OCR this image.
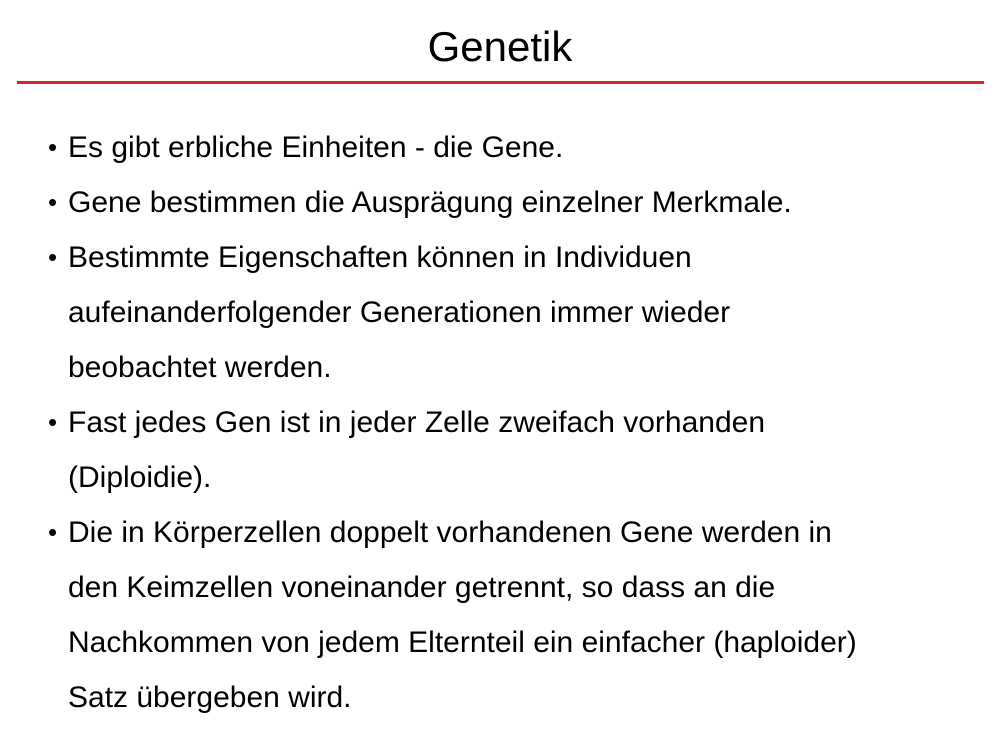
Genetik
• Es gibt erbliche Einheiten - die Gene.
• Gene bestimmen die Ausprägung einzelner Merkmale.
• Bestimmte Eigenschaften können in Individuen
aufeinanderfolgender Generationen immer wieder
beobachtet werden.
• Fast jedes Gen ist in jeder Zelle zweifach vorhanden
(Diploidie).
• Die in Körperzellen doppelt vorhandenen Gene werden in
den Keimzellen voneinander getrennt, so dass an die
Nachkommen von jedem Elternteil ein einfacher (haploider)
Satz übergeben wird.
